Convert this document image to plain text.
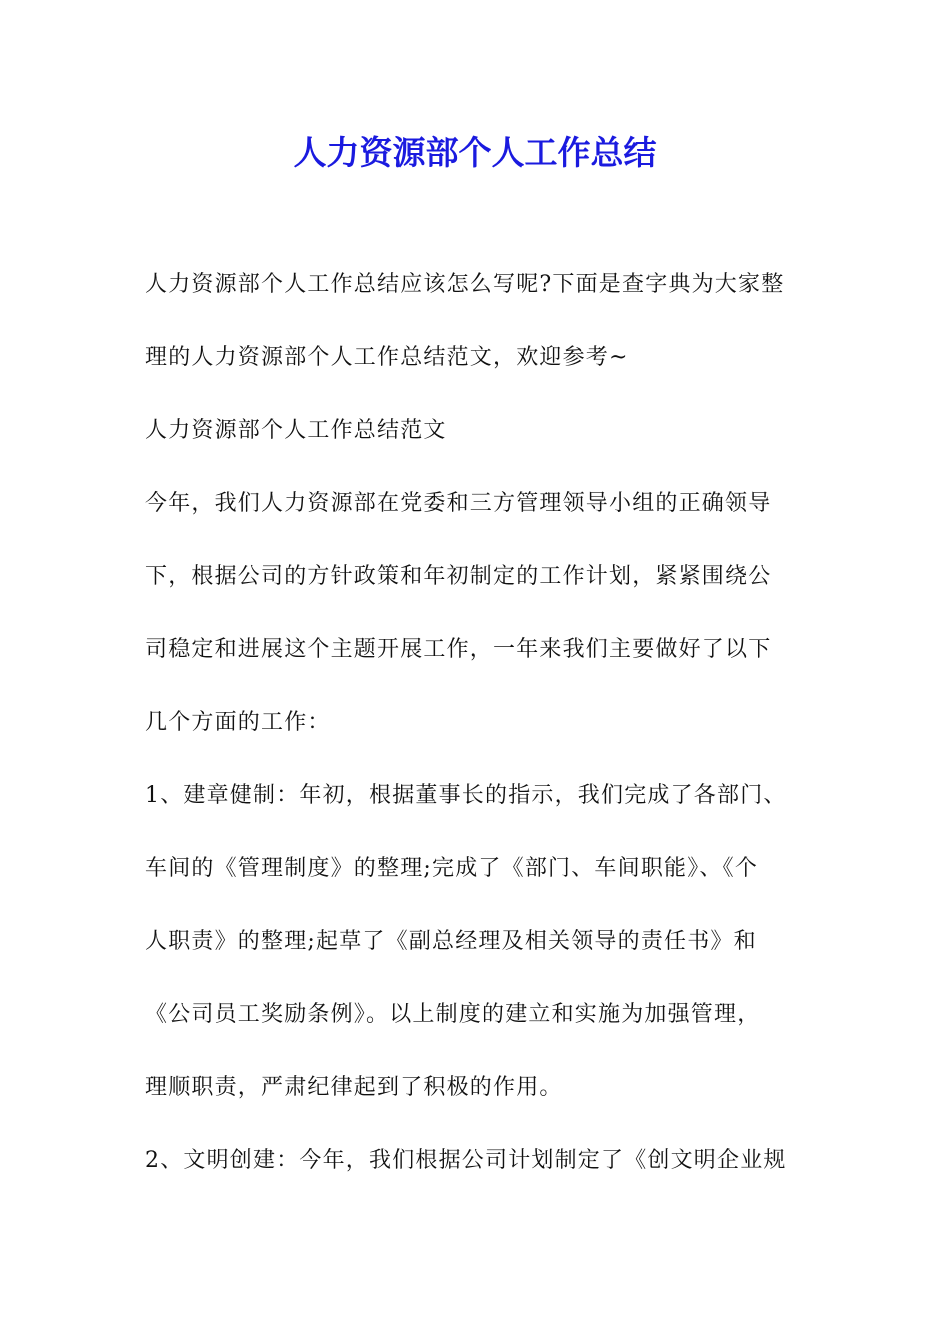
人力资源部个人工作总结
人力资源部个人工作总结应该怎么写呢?下面是查字典为大家整
理的人力资源部个人工作总结范文，欢迎参考~
人力资源部个人工作总结范文
今年，我们人力资源部在党委和三方管理领导小组的正确领导
下，根据公司的方针政策和年初制定的工作计划，紧紧围绕公
司稳定和进展这个主题开展工作，一年来我们主要做好了以下
几个方面的工作：
1、建章健制：年初，根据董事长的指示，我们完成了各部门、
车间的《管理制度》的整理;完成了《部门、车间职能》、《个
人职责》的整理;起草了《副总经理及相关领导的责任书》和
《公司员工奖励条例》。以上制度的建立和实施为加强管理，
理顺职责，严肃纪律起到了积极的作用。
2、文明创建：今年，我们根据公司计划制定了《创文明企业规
